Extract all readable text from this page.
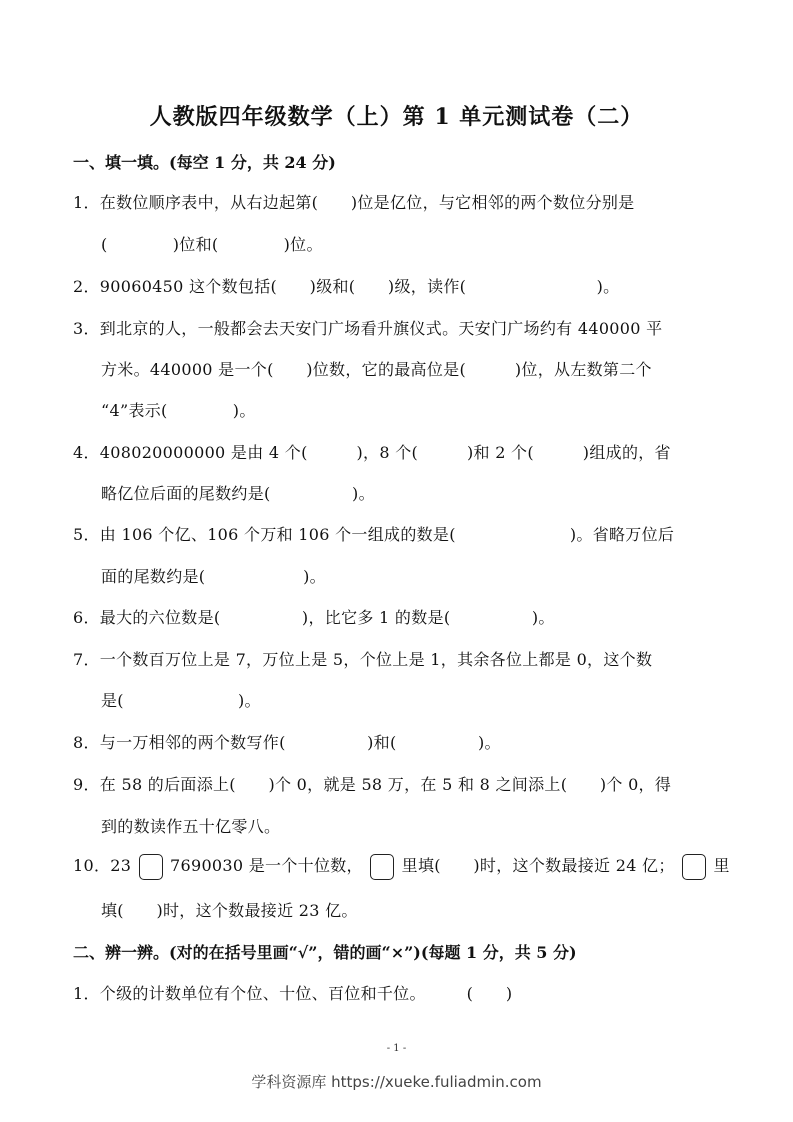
人教版四年级数学（上）第 1 单元测试卷（二）
一、填一填。(每空 1 分，共 24 分)
1．在数位顺序表中，从右边起第(　　)位是亿位，与它相邻的两个数位分别是
(　　　　)位和(　　　　)位。
2．90060450 这个数包括(　　)级和(　　)级，读作(　　　　　　　　)。
3．到北京的人，一般都会去天安门广场看升旗仪式。天安门广场约有 440000 平
方米。440000 是一个(　　)位数，它的最高位是(　　　)位，从左数第二个
“4”表示(　　　　)。
4．408020000000 是由 4 个(　　　)，8 个(　　　)和 2 个(　　　)组成的，省
略亿位后面的尾数约是(　　　　　)。
5．由 106 个亿、106 个万和 106 个一组成的数是(　　　　　　　)。省略万位后
面的尾数约是(　　　　　　)。
6．最大的六位数是(　　　　　)，比它多 1 的数是(　　　　　)。
7．一个数百万位上是 7，万位上是 5，个位上是 1，其余各位上都是 0，这个数
是(　　　　　　　)。
8．与一万相邻的两个数写作(　　　　　)和(　　　　　)。
9．在 58 的后面添上(　　)个 0，就是 58 万，在 5 和 8 之间添上(　　)个 0，得
到的数读作五十亿零八。
10．23 7690030 是一个十位数， 里填(　　)时，这个数最接近 24 亿； 里
填(　　)时，这个数最接近 23 亿。
二、辨一辨。(对的在括号里画“√”，错的画“×”)(每题 1 分，共 5 分)
1．个级的计数单位有个位、十位、百位和千位。　　　(　　)
- 1 -
学科资源库 https://xueke.fuliadmin.com
